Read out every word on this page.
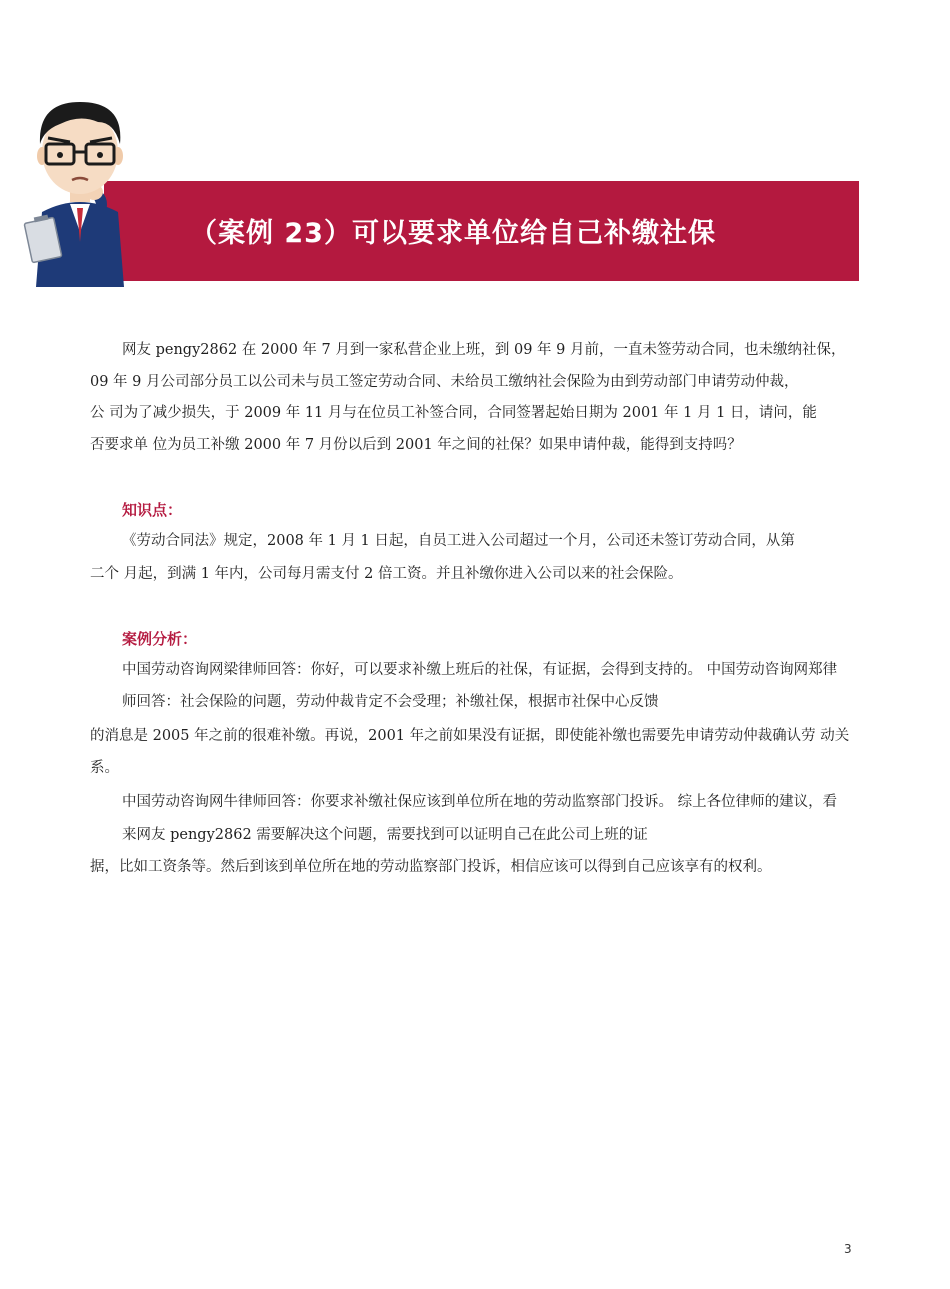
（案例 23）可以要求单位给自己补缴社保
网友 pengy2862 在 2000 年 7 月到一家私营企业上班，到 09 年 9 月前，一直未签劳动合同，也未缴纳社保，
09 年 9 月公司部分员工以公司未与员工签定劳动合同、未给员工缴纳社会保险为由到劳动部门申请劳动仲裁，
公 司为了减少损失，于 2009 年 11 月与在位员工补签合同，合同签署起始日期为 2001 年 1 月 1 日，请问，能
否要求单 位为员工补缴 2000 年 7 月份以后到 2001 年之间的社保？如果申请仲裁，能得到支持吗？
知识点：
《劳动合同法》规定，2008 年 1 月 1 日起，自员工进入公司超过一个月，公司还未签订劳动合同，从第
二个 月起，到满 1 年内，公司每月需支付 2 倍工资。并且补缴你进入公司以来的社会保险。
案例分析：
中国劳动咨询网梁律师回答：你好，可以要求补缴上班后的社保，有证据，会得到支持的。 中国劳动咨询网郑律
师回答：社会保险的问题，劳动仲裁肯定不会受理；补缴社保，根据市社保中心反馈
的消息是 2005 年之前的很难补缴。再说，2001 年之前如果没有证据，即使能补缴也需要先申请劳动仲裁确认劳 动关
系。
中国劳动咨询网牛律师回答：你要求补缴社保应该到单位所在地的劳动监察部门投诉。 综上各位律师的建议，看
来网友 pengy2862 需要解决这个问题，需要找到可以证明自己在此公司上班的证
据，比如工资条等。然后到该到单位所在地的劳动监察部门投诉，相信应该可以得到自己应该享有的权利。
3
